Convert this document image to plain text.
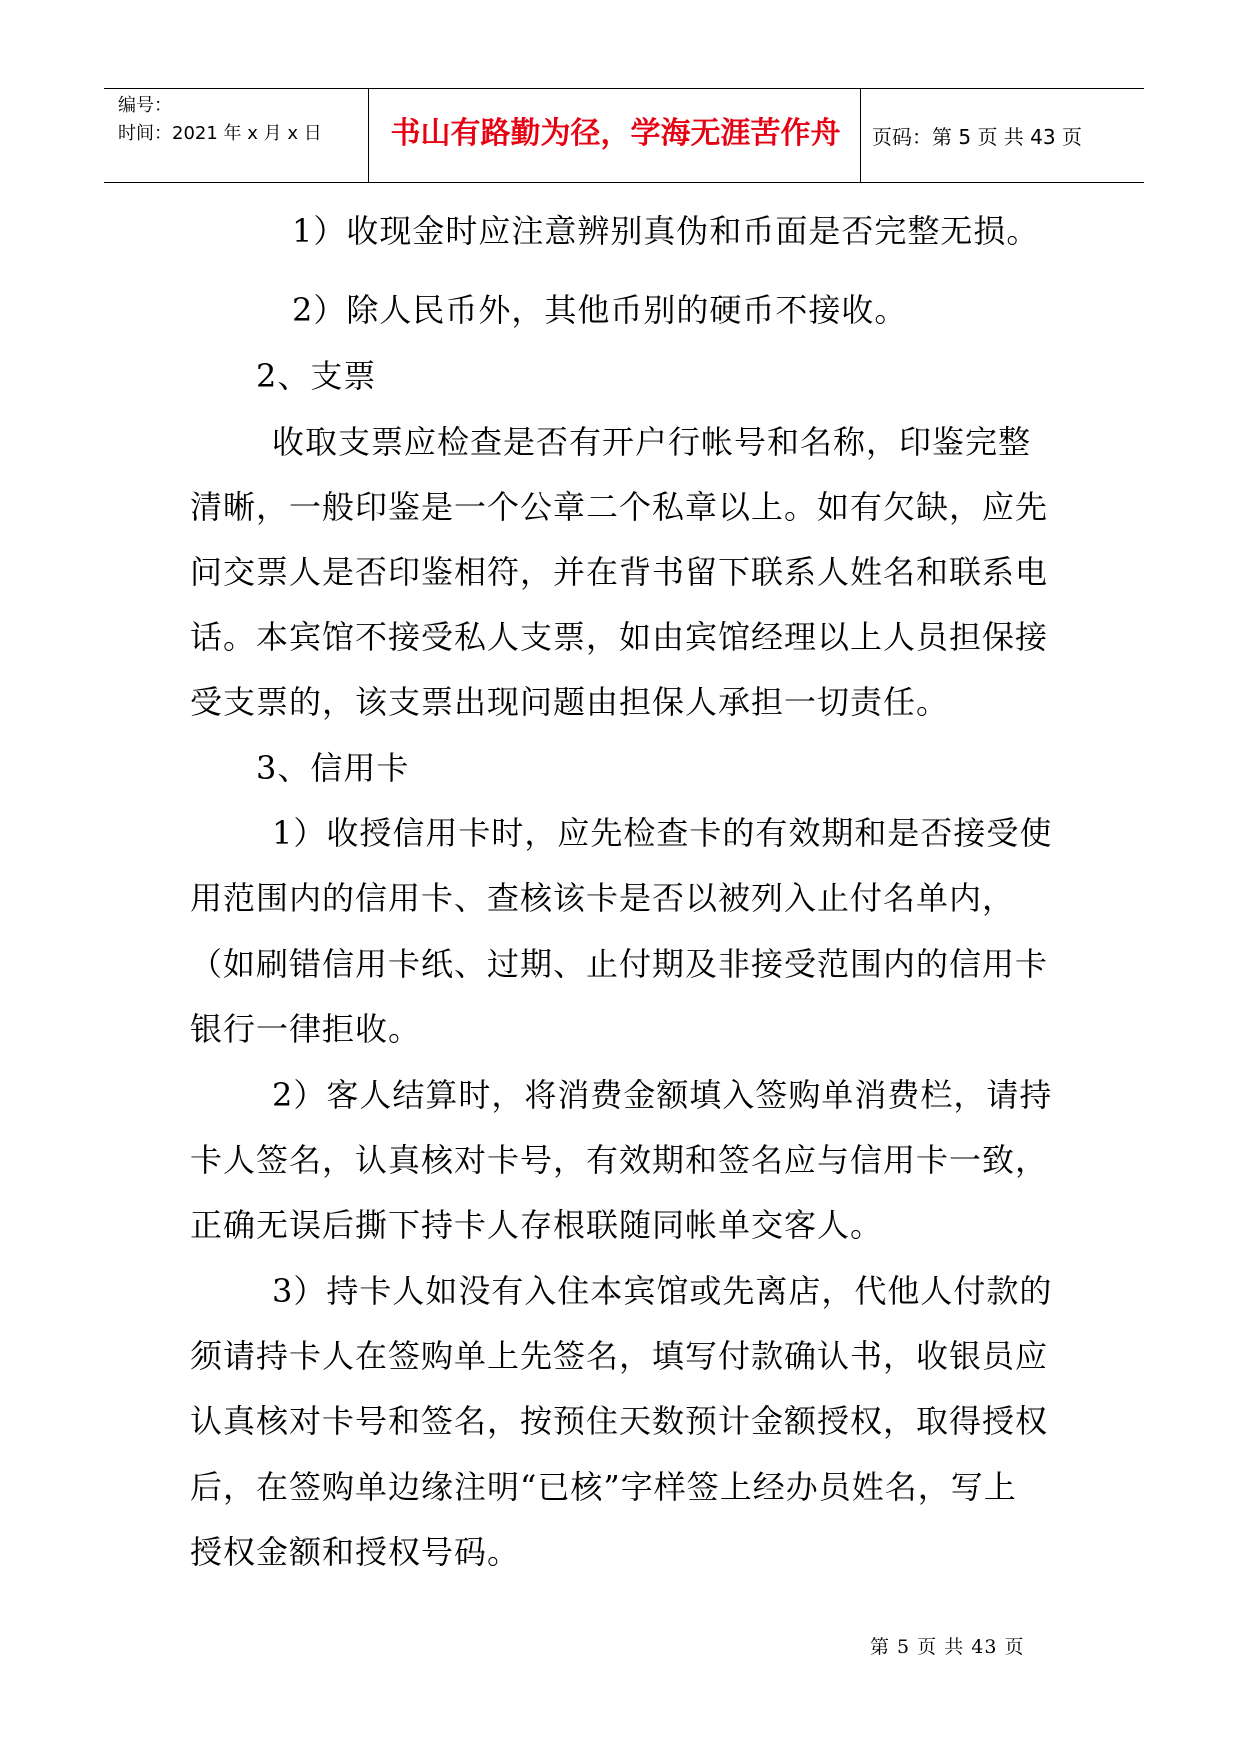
编号：
时间：2021 年 x 月 x 日	书山有路勤为径，学海无涯苦作舟	页码：第 5 页 共 43 页
1）收现金时应注意辨别真伪和币面是否完整无损。
2）除人民币外，其他币别的硬币不接收。
2、支票
收取支票应检查是否有开户行帐号和名称，印鉴完整
清晰，一般印鉴是一个公章二个私章以上。如有欠缺，应先
问交票人是否印鉴相符，并在背书留下联系人姓名和联系电
话。本宾馆不接受私人支票，如由宾馆经理以上人员担保接
受支票的，该支票出现问题由担保人承担一切责任。
3、信用卡
1）收授信用卡时，应先检查卡的有效期和是否接受使
用范围内的信用卡、查核该卡是否以被列入止付名单内，
（如刷错信用卡纸、过期、止付期及非接受范围内的信用卡
银行一律拒收。
2）客人结算时，将消费金额填入签购单消费栏，请持
卡人签名，认真核对卡号，有效期和签名应与信用卡一致，
正确无误后撕下持卡人存根联随同帐单交客人。
3）持卡人如没有入住本宾馆或先离店，代他人付款的
须请持卡人在签购单上先签名，填写付款确认书，收银员应
认真核对卡号和签名，按预住天数预计金额授权，取得授权
后，在签购单边缘注明“已核”字样签上经办员姓名，写上
授权金额和授权号码。
第 5 页 共 43 页
